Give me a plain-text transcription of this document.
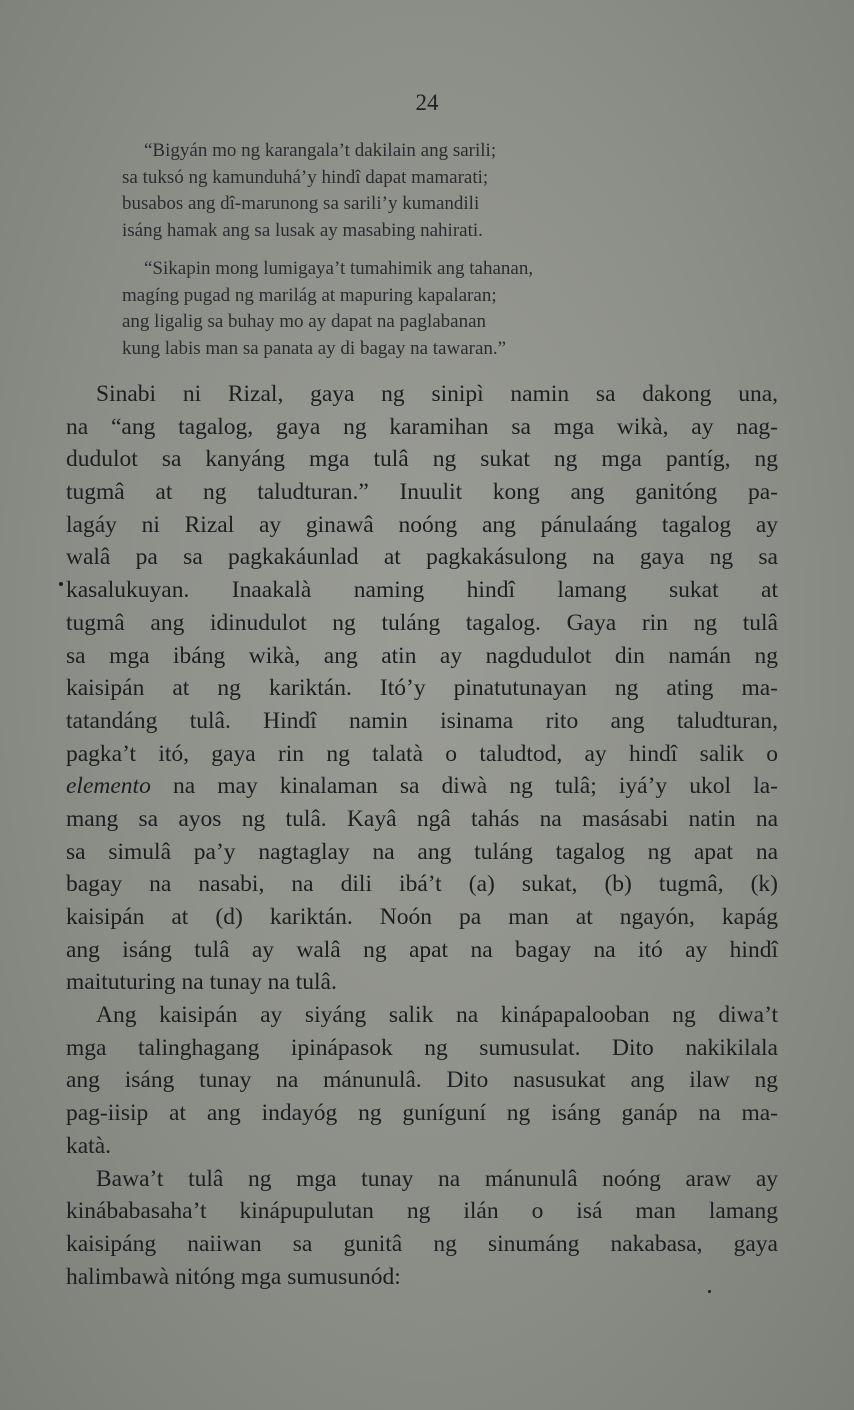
24

“Bigyán mo ng karangala’t dakilain ang sarili;
sa tuksó ng kamunduhá’y hindî dapat mamarati;
busabos ang dî-marunong sa sarili’y kumandili
isáng hamak ang sa lusak ay masabing nahirati.

“Sikapin mong lumigaya’t tumahimik ang tahanan,
magíng pugad ng marilág at mapuring kapalaran;
ang ligalig sa buhay mo ay dapat na paglabanan
kung labis man sa panata ay di bagay na tawaran.”

Sinabi ni Rizal, gaya ng sinipì namin sa dakong una,
na “ang tagalog, gaya ng karamihan sa mga wikà, ay nag-
dudulot sa kanyáng mga tulâ ng sukat ng mga pantíg, ng
tugmâ at ng taludturan.” Inuulit kong ang ganitóng pa-
lagáy ni Rizal ay ginawâ noóng ang pánulaáng tagalog ay
walâ pa sa pagkakáunlad at pagkakásulong na gaya ng sa
kasalukuyan. Inaakalà naming hindî lamang sukat at
tugmâ ang idinudulot ng tuláng tagalog. Gaya rin ng tulâ
sa mga ibáng wikà, ang atin ay nagdudulot din namán ng
kaisipán at ng kariktán. Itó’y pinatutunayan ng ating ma-
tatandáng tulâ. Hindî namin isinama rito ang taludturan,
pagka’t itó, gaya rin ng talatà o taludtod, ay hindî salik o
elemento na may kinalaman sa diwà ng tulâ; iyá’y ukol la-
mang sa ayos ng tulâ. Kayâ ngâ tahás na masásabi natin na
sa simulâ pa’y nagtaglay na ang tuláng tagalog ng apat na
bagay na nasabi, na dili ibá’t (a) sukat, (b) tugmâ, (k)
kaisipán at (d) kariktán. Noón pa man at ngayón, kapág
ang isáng tulâ ay walâ ng apat na bagay na itó ay hindî
maituturing na tunay na tulâ.
Ang kaisipán ay siyáng salik na kinápapalooban ng diwa’t
mga talinghagang ipinápasok ng sumusulat. Dito nakikilala
ang isáng tunay na mánunulâ. Dito nasusukat ang ilaw ng
pag-iisip at ang indayóg ng guníguní ng isáng ganáp na ma-
katà.
Bawa’t tulâ ng mga tunay na mánunulâ noóng araw ay
kinábabasaha’t kinápupulutan ng ilán o isá man lamang
kaisipáng naiiwan sa gunitâ ng sinumáng nakabasa, gaya
halimbawà nitóng mga sumusunód:
